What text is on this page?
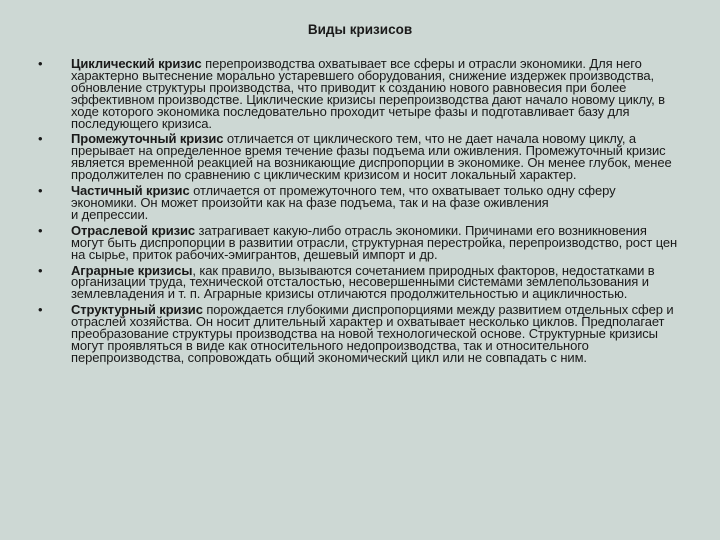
Виды кризисов
• Циклический кризис перепроизводства охватывает все сферы и отрасли экономики. Для него характерно вытеснение морально устаревшего оборудования, снижение издержек производства, обновление структуры производства, что приводит к созданию нового равновесия при более эффективном производстве. Циклические кризисы перепроизводства дают начало новому циклу, в ходе которого экономика последовательно проходит четыре фазы и подготавливает базу для последующего кризиса.
• Промежуточный кризис отличается от циклического тем, что не дает начала новому циклу, а прерывает на определенное время течение фазы подъема или оживления. Промежуточный кризис является временной реакцией на возникающие диспропорции в экономике. Он менее глубок, менее продолжителен по сравнению с циклическим кризисом и носит локальный характер.
• Частичный кризис отличается от промежуточного тем, что охватывает только одну сферу экономики. Он может произойти как на фазе подъема, так и на фазе оживления
и депрессии.
• Отраслевой кризис затрагивает какую-либо отрасль экономики. Причинами его возникновения могут быть диспропорции в развитии отрасли, структурная перестройка, перепроизводство, рост цен на сырье, приток рабочих-эмигрантов, дешевый импорт и др.
• Аграрные кризисы, как правило, вызываются сочетанием природных факторов, недостатками в организации труда, технической отсталостью, несовершенными системами землепользования и землевладения и т. п. Аграрные кризисы отличаются продолжительностью и ацикличностью.
• Структурный кризис порождается глубокими диспропорциями между развитием отдельных сфер и отраслей хозяйства. Он носит длительный характер и охватывает несколько циклов. Предполагает преобразование структуры производства на новой технологической основе. Структурные кризисы могут проявляться в виде как относительного недопроизводства, так и относительного перепроизводства, сопровождать общий экономический цикл или не совпадать с ним.
